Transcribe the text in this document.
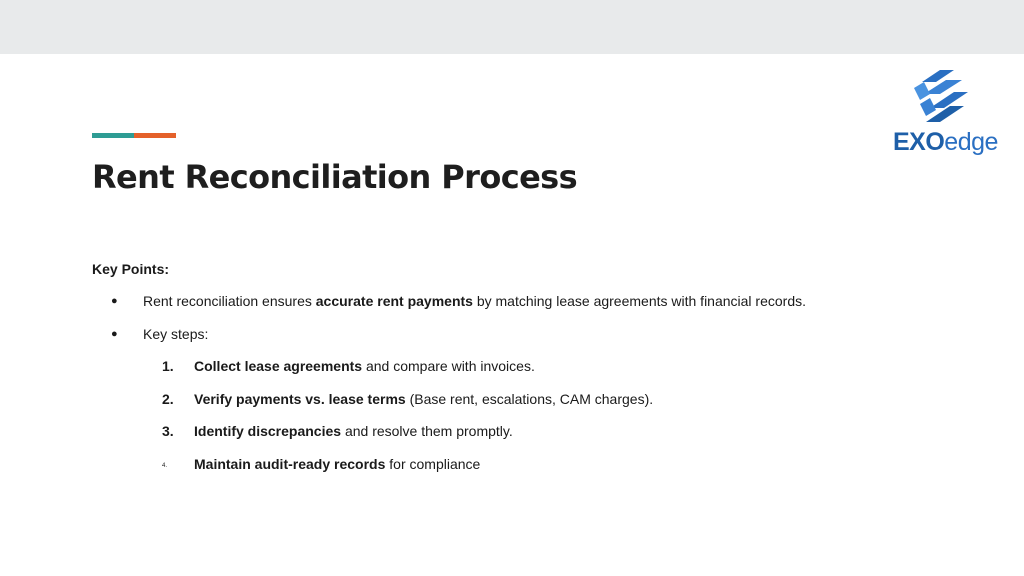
Rent Reconciliation Process
EXOedge
Key Points:
●	Rent reconciliation ensures accurate rent payments by matching lease agreements with financial records.
●	Key steps:
1.	Collect lease agreements and compare with invoices.
2.	Verify payments vs. lease terms (Base rent, escalations, CAM charges).
3.	Identify discrepancies and resolve them promptly.
4.	Maintain audit-ready records for compliance
